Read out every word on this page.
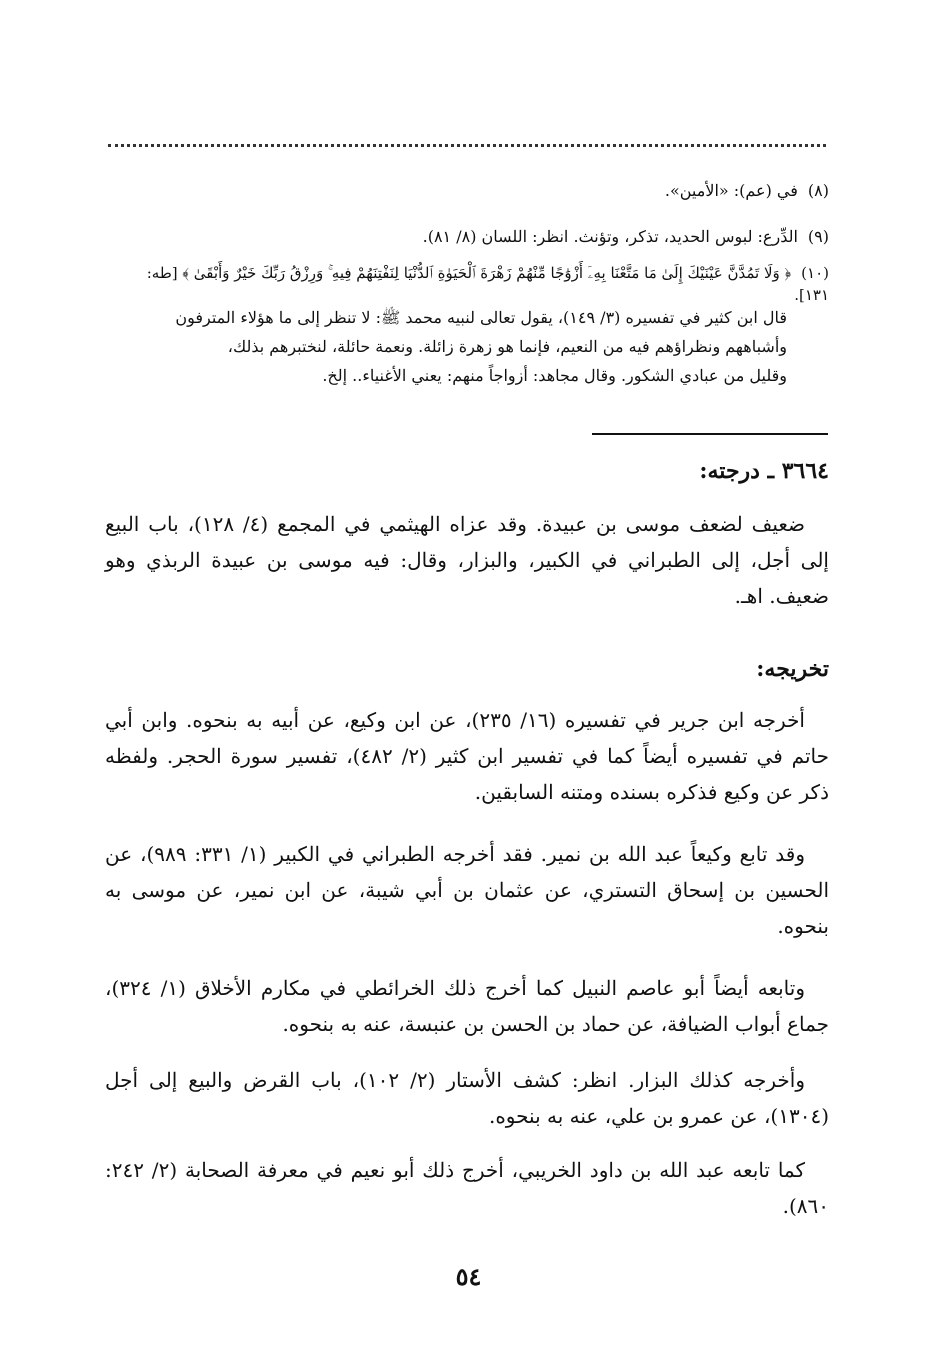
(٨)في (عم): «الأمين».
(٩)الدِّرع: لبوس الحديد، تذكر، وتؤنث. انظر: اللسان (٨/ ٨١).
(١٠)﴿ وَلَا تَمُدَّنَّ عَيْنَيْكَ إِلَىٰ مَا مَتَّعْنَا بِهِۦٓ أَزْوَٰجًا مِّنْهُمْ زَهْرَةَ ٱلْحَيَوٰةِ ٱلدُّنْيَا لِنَفْتِنَهُمْ فِيهِ ۚ وَرِزْقُ رَبِّكَ خَيْرٌ وَأَبْقَىٰ ﴾ [طه: ١٣١].
قال ابن كثير في تفسيره (٣/ ١٤٩)، يقول تعالى لنبيه محمد ﷺ: لا تنظر إلى ما هؤلاء المترفون
وأشباههم ونظراؤهم فيه من النعيم، فإنما هو زهرة زائلة. ونعمة حائلة، لنختبرهم بذلك،
وقليل من عبادي الشكور. وقال مجاهد: أزواجاً منهم: يعني الأغنياء.. إلخ.
٣٦٦٤ ـ درجته:
ضعيف لضعف موسى بن عبيدة. وقد عزاه الهيثمي في المجمع (٤/ ١٢٨)، باب البيع إلى أجل، إلى الطبراني في الكبير، والبزار، وقال: فيه موسى بن عبيدة الربذي وهو ضعيف. اهـ.
تخريجه:
أخرجه ابن جرير في تفسيره (١٦/ ٢٣٥)، عن ابن وكيع، عن أبيه به بنحوه. وابن أبي حاتم في تفسيره أيضاً كما في تفسير ابن كثير (٢/ ٤٨٢)، تفسير سورة الحجر. ولفظه ذكر عن وكيع فذكره بسنده ومتنه السابقين.
وقد تابع وكيعاً عبد الله بن نمير. فقد أخرجه الطبراني في الكبير (١/ ٣٣١: ٩٨٩)، عن الحسين بن إسحاق التستري، عن عثمان بن أبي شيبة، عن ابن نمير، عن موسى به بنحوه.
وتابعه أيضاً أبو عاصم النبيل كما أخرج ذلك الخرائطي في مكارم الأخلاق (١/ ٣٢٤)، جماع أبواب الضيافة، عن حماد بن الحسن بن عنبسة، عنه به بنحوه.
وأخرجه كذلك البزار. انظر: كشف الأستار (٢/ ١٠٢)، باب القرض والبيع إلى أجل (١٣٠٤)، عن عمرو بن علي، عنه به بنحوه.
كما تابعه عبد الله بن داود الخريبي، أخرج ذلك أبو نعيم في معرفة الصحابة (٢/ ٢٤٢: ٨٦٠).
٥٤
